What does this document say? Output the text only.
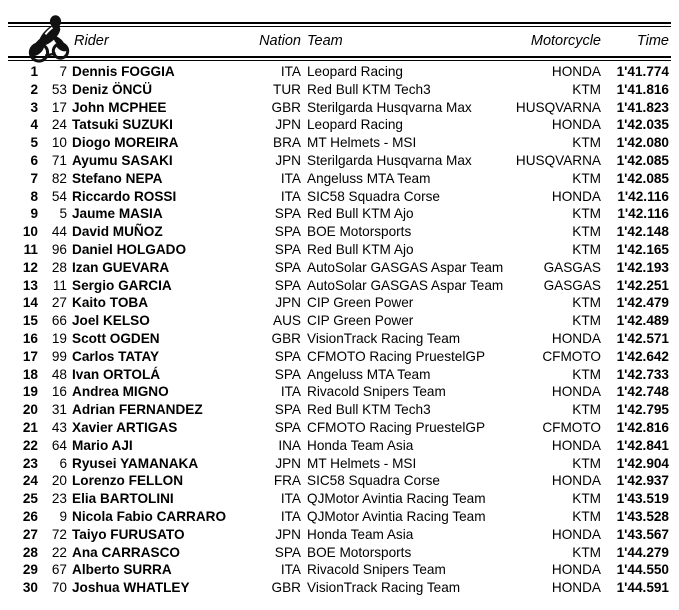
Rider	Nation Team	Motorcycle	Time
1	7 Dennis FOGGIA	ITA Leopard Racing	HONDA	1'41.774
2	53 Deniz ÖNCÜ	TUR Red Bull KTM Tech3	KTM	1'41.816
3	17 John MCPHEE	GBR Sterilgarda Husqvarna Max	HUSQVARNA	1'41.823
4	24 Tatsuki SUZUKI	JPN Leopard Racing	HONDA	1'42.035
5	10 Diogo MOREIRA	BRA MT Helmets - MSI	KTM	1'42.080
6	71 Ayumu SASAKI	JPN Sterilgarda Husqvarna Max	HUSQVARNA	1'42.085
7	82 Stefano NEPA	ITA Angeluss MTA Team	KTM	1'42.085
8	54 Riccardo ROSSI	ITA SIC58 Squadra Corse	HONDA	1'42.116
9	5 Jaume MASIA	SPA Red Bull KTM Ajo	KTM	1'42.116
10	44 David MUÑOZ	SPA BOE Motorsports	KTM	1'42.148
11	96 Daniel HOLGADO	SPA Red Bull KTM Ajo	KTM	1'42.165
12	28 Izan GUEVARA	SPA AutoSolar GASGAS Aspar Team	GASGAS	1'42.193
13	11 Sergio GARCIA	SPA AutoSolar GASGAS Aspar Team	GASGAS	1'42.251
14	27 Kaito TOBA	JPN CIP Green Power	KTM	1'42.479
15	66 Joel KELSO	AUS CIP Green Power	KTM	1'42.489
16	19 Scott OGDEN	GBR VisionTrack Racing Team	HONDA	1'42.571
17	99 Carlos TATAY	SPA CFMOTO Racing PruestelGP	CFMOTO	1'42.642
18	48 Ivan ORTOLÁ	SPA Angeluss MTA Team	KTM	1'42.733
19	16 Andrea MIGNO	ITA Rivacold Snipers Team	HONDA	1'42.748
20	31 Adrian FERNANDEZ	SPA Red Bull KTM Tech3	KTM	1'42.795
21	43 Xavier ARTIGAS	SPA CFMOTO Racing PruestelGP	CFMOTO	1'42.816
22	64 Mario AJI	INA Honda Team Asia	HONDA	1'42.841
23	6 Ryusei YAMANAKA	JPN MT Helmets - MSI	KTM	1'42.904
24	20 Lorenzo FELLON	FRA SIC58 Squadra Corse	HONDA	1'42.937
25	23 Elia BARTOLINI	ITA QJMotor Avintia Racing Team	KTM	1'43.519
26	9 Nicola Fabio CARRARO	ITA QJMotor Avintia Racing Team	KTM	1'43.528
27	72 Taiyo FURUSATO	JPN Honda Team Asia	HONDA	1'43.567
28	22 Ana CARRASCO	SPA BOE Motorsports	KTM	1'44.279
29	67 Alberto SURRA	ITA Rivacold Snipers Team	HONDA	1'44.550
30	70 Joshua WHATLEY	GBR VisionTrack Racing Team	HONDA	1'44.591
